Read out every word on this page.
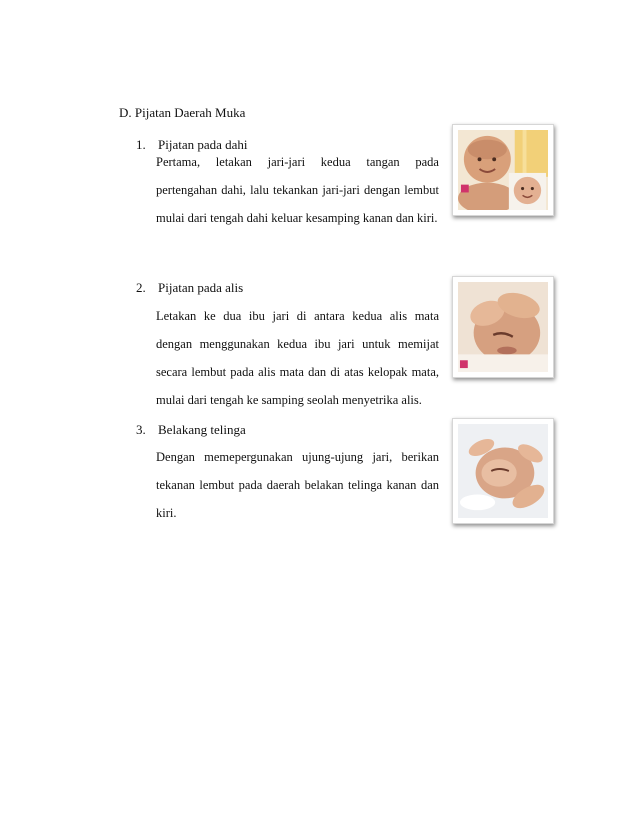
D. Pijatan Daerah Muka
1. Pijatan pada dahi
Pertama, letakan jari-jari kedua tangan pada
pertengahan dahi, lalu tekankan jari-jari dengan lembut
mulai dari tengah dahi keluar kesamping kanan dan kiri.
2. Pijatan pada alis
Letakan ke dua ibu jari di antara kedua alis mata
dengan menggunakan kedua ibu jari untuk memijat
secara lembut pada alis mata dan di atas kelopak mata,
mulai dari tengah ke samping seolah menyetrika alis.
3. Belakang telinga
Dengan memepergunakan ujung-ujung jari, berikan
tekanan lembut pada daerah belakan telinga kanan dan
kiri.
